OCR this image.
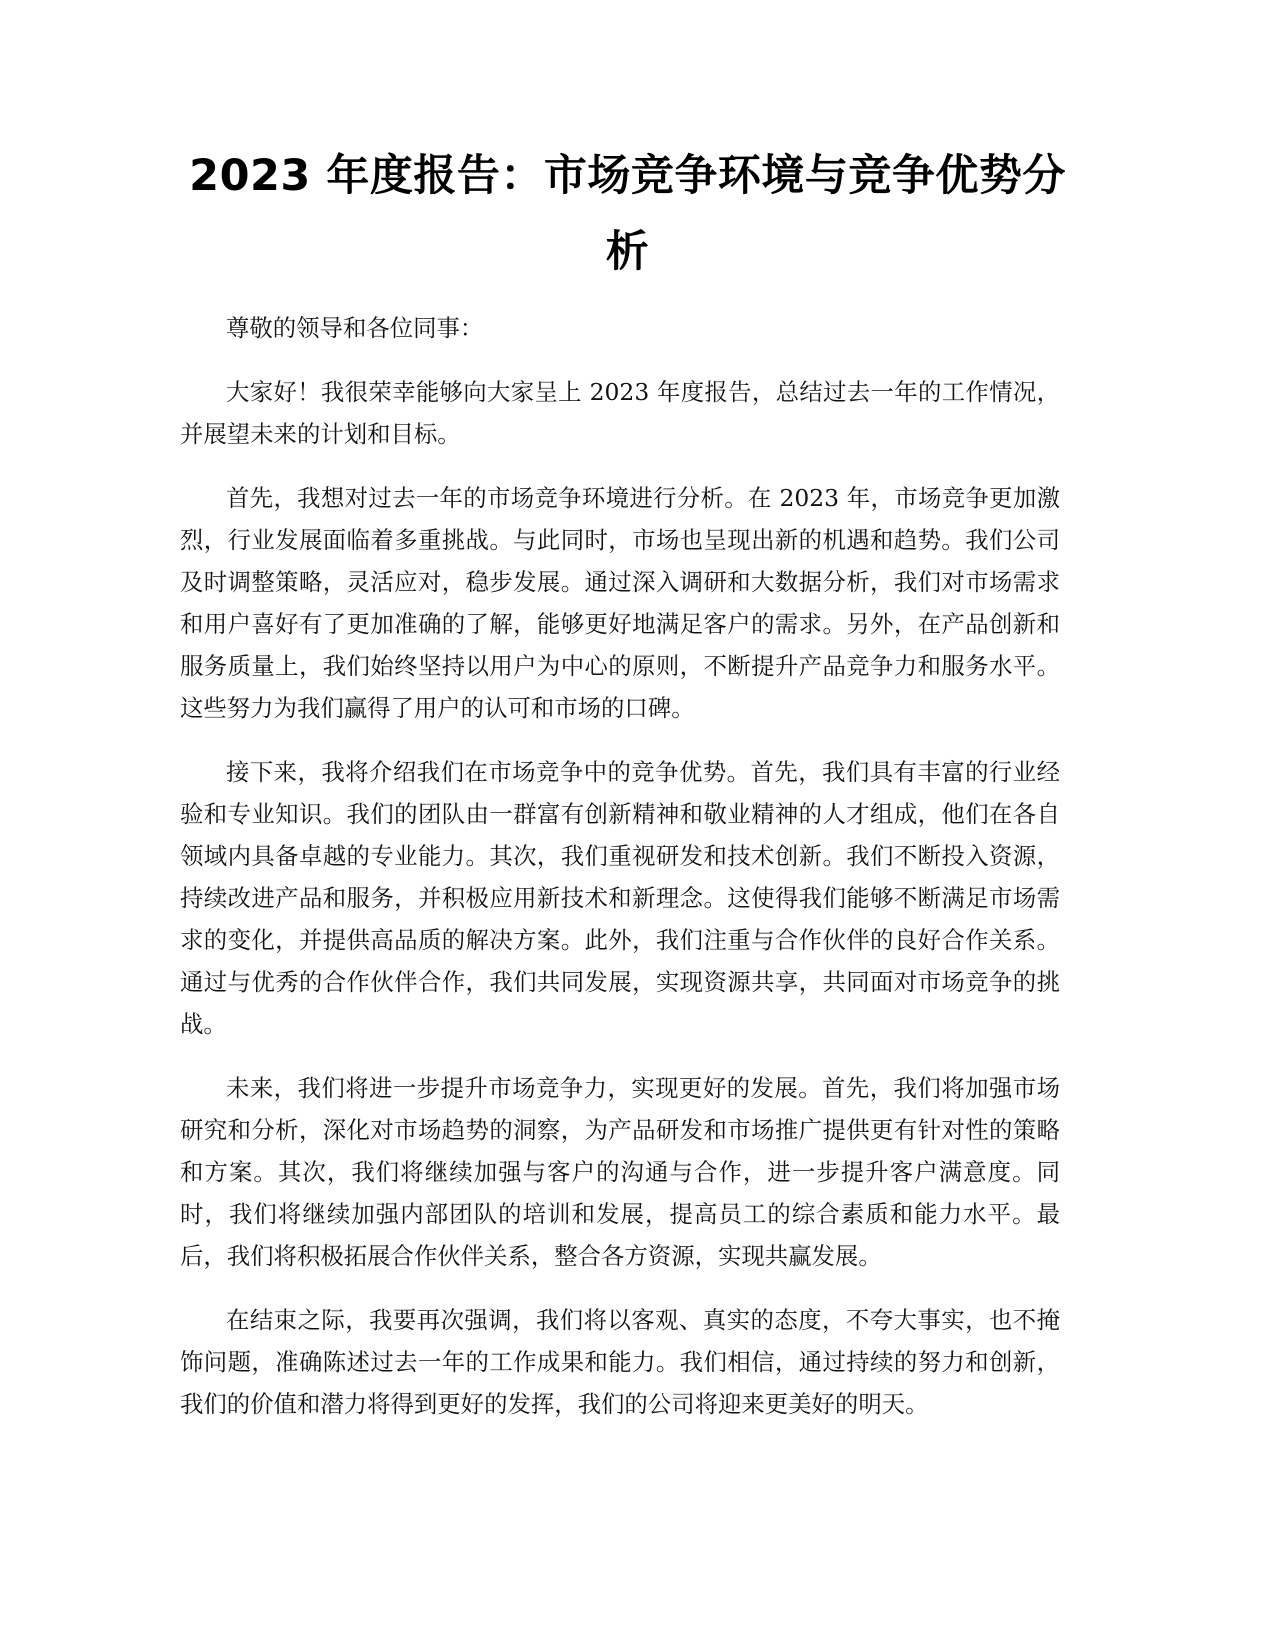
2023 年度报告：市场竞争环境与竞争优势分析

尊敬的领导和各位同事：

大家好！我很荣幸能够向大家呈上 2023 年度报告，总结过去一年的工作情况，并展望未来的计划和目标。

首先，我想对过去一年的市场竞争环境进行分析。在 2023 年，市场竞争更加激烈，行业发展面临着多重挑战。与此同时，市场也呈现出新的机遇和趋势。我们公司及时调整策略，灵活应对，稳步发展。通过深入调研和大数据分析，我们对市场需求和用户喜好有了更加准确的了解，能够更好地满足客户的需求。另外，在产品创新和服务质量上，我们始终坚持以用户为中心的原则，不断提升产品竞争力和服务水平。这些努力为我们赢得了用户的认可和市场的口碑。

接下来，我将介绍我们在市场竞争中的竞争优势。首先，我们具有丰富的行业经验和专业知识。我们的团队由一群富有创新精神和敬业精神的人才组成，他们在各自领域内具备卓越的专业能力。其次，我们重视研发和技术创新。我们不断投入资源，持续改进产品和服务，并积极应用新技术和新理念。这使得我们能够不断满足市场需求的变化，并提供高品质的解决方案。此外，我们注重与合作伙伴的良好合作关系。通过与优秀的合作伙伴合作，我们共同发展，实现资源共享，共同面对市场竞争的挑战。

未来，我们将进一步提升市场竞争力，实现更好的发展。首先，我们将加强市场研究和分析，深化对市场趋势的洞察，为产品研发和市场推广提供更有针对性的策略和方案。其次，我们将继续加强与客户的沟通与合作，进一步提升客户满意度。同时，我们将继续加强内部团队的培训和发展，提高员工的综合素质和能力水平。最后，我们将积极拓展合作伙伴关系，整合各方资源，实现共赢发展。

在结束之际，我要再次强调，我们将以客观、真实的态度，不夸大事实，也不掩饰问题，准确陈述过去一年的工作成果和能力。我们相信，通过持续的努力和创新，我们的价值和潜力将得到更好的发挥，我们的公司将迎来更美好的明天。
